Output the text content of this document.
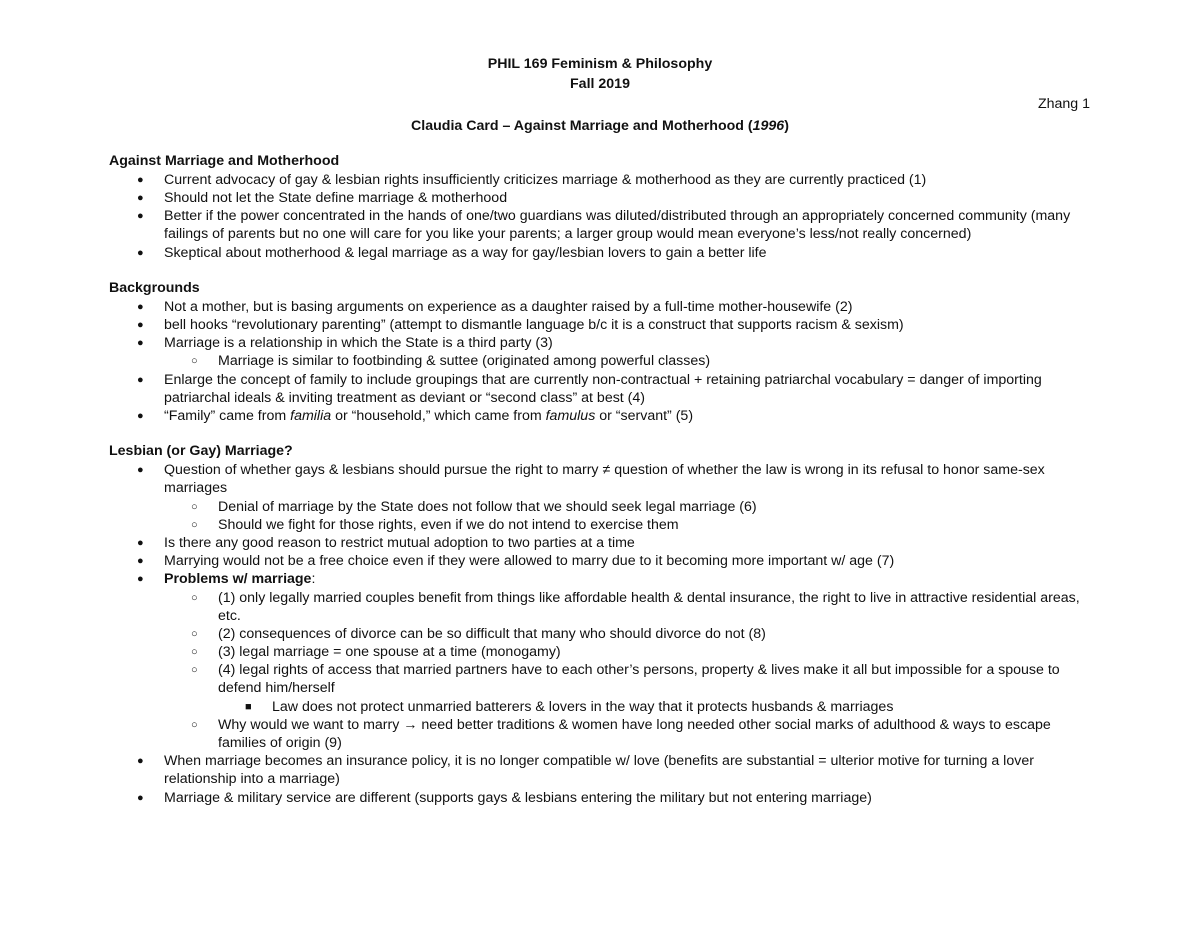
PHIL 169 Feminism & Philosophy
Fall 2019
Zhang 1
Claudia Card – Against Marriage and Motherhood (1996)
Against Marriage and Motherhood
● Current advocacy of gay & lesbian rights insufficiently criticizes marriage & motherhood as they are currently practiced (1)
● Should not let the State define marriage & motherhood
● Better if the power concentrated in the hands of one/two guardians was diluted/distributed through an appropriately concerned community (many failings of parents but no one will care for you like your parents; a larger group would mean everyone’s less/not really concerned)
● Skeptical about motherhood & legal marriage as a way for gay/lesbian lovers to gain a better life
Backgrounds
● Not a mother, but is basing arguments on experience as a daughter raised by a full-time mother-housewife (2)
● bell hooks “revolutionary parenting” (attempt to dismantle language b/c it is a construct that supports racism & sexism)
● Marriage is a relationship in which the State is a third party (3)
○ Marriage is similar to footbinding & suttee (originated among powerful classes)
● Enlarge the concept of family to include groupings that are currently non-contractual + retaining patriarchal vocabulary = danger of importing patriarchal ideals & inviting treatment as deviant or “second class” at best (4)
● “Family” came from familia or “household,” which came from famulus or “servant” (5)
Lesbian (or Gay) Marriage?
● Question of whether gays & lesbians should pursue the right to marry ≠ question of whether the law is wrong in its refusal to honor same-sex marriages
○ Denial of marriage by the State does not follow that we should seek legal marriage (6)
○ Should we fight for those rights, even if we do not intend to exercise them
● Is there any good reason to restrict mutual adoption to two parties at a time
● Marrying would not be a free choice even if they were allowed to marry due to it becoming more important w/ age (7)
● Problems w/ marriage:
○ (1) only legally married couples benefit from things like affordable health & dental insurance, the right to live in attractive residential areas, etc.
○ (2) consequences of divorce can be so difficult that many who should divorce do not (8)
○ (3) legal marriage = one spouse at a time (monogamy)
○ (4) legal rights of access that married partners have to each other’s persons, property & lives make it all but impossible for a spouse to defend him/herself
■ Law does not protect unmarried batterers & lovers in the way that it protects husbands & marriages
○ Why would we want to marry → need better traditions & women have long needed other social marks of adulthood & ways to escape families of origin (9)
● When marriage becomes an insurance policy, it is no longer compatible w/ love (benefits are substantial = ulterior motive for turning a lover relationship into a marriage)
● Marriage & military service are different (supports gays & lesbians entering the military but not entering marriage)
